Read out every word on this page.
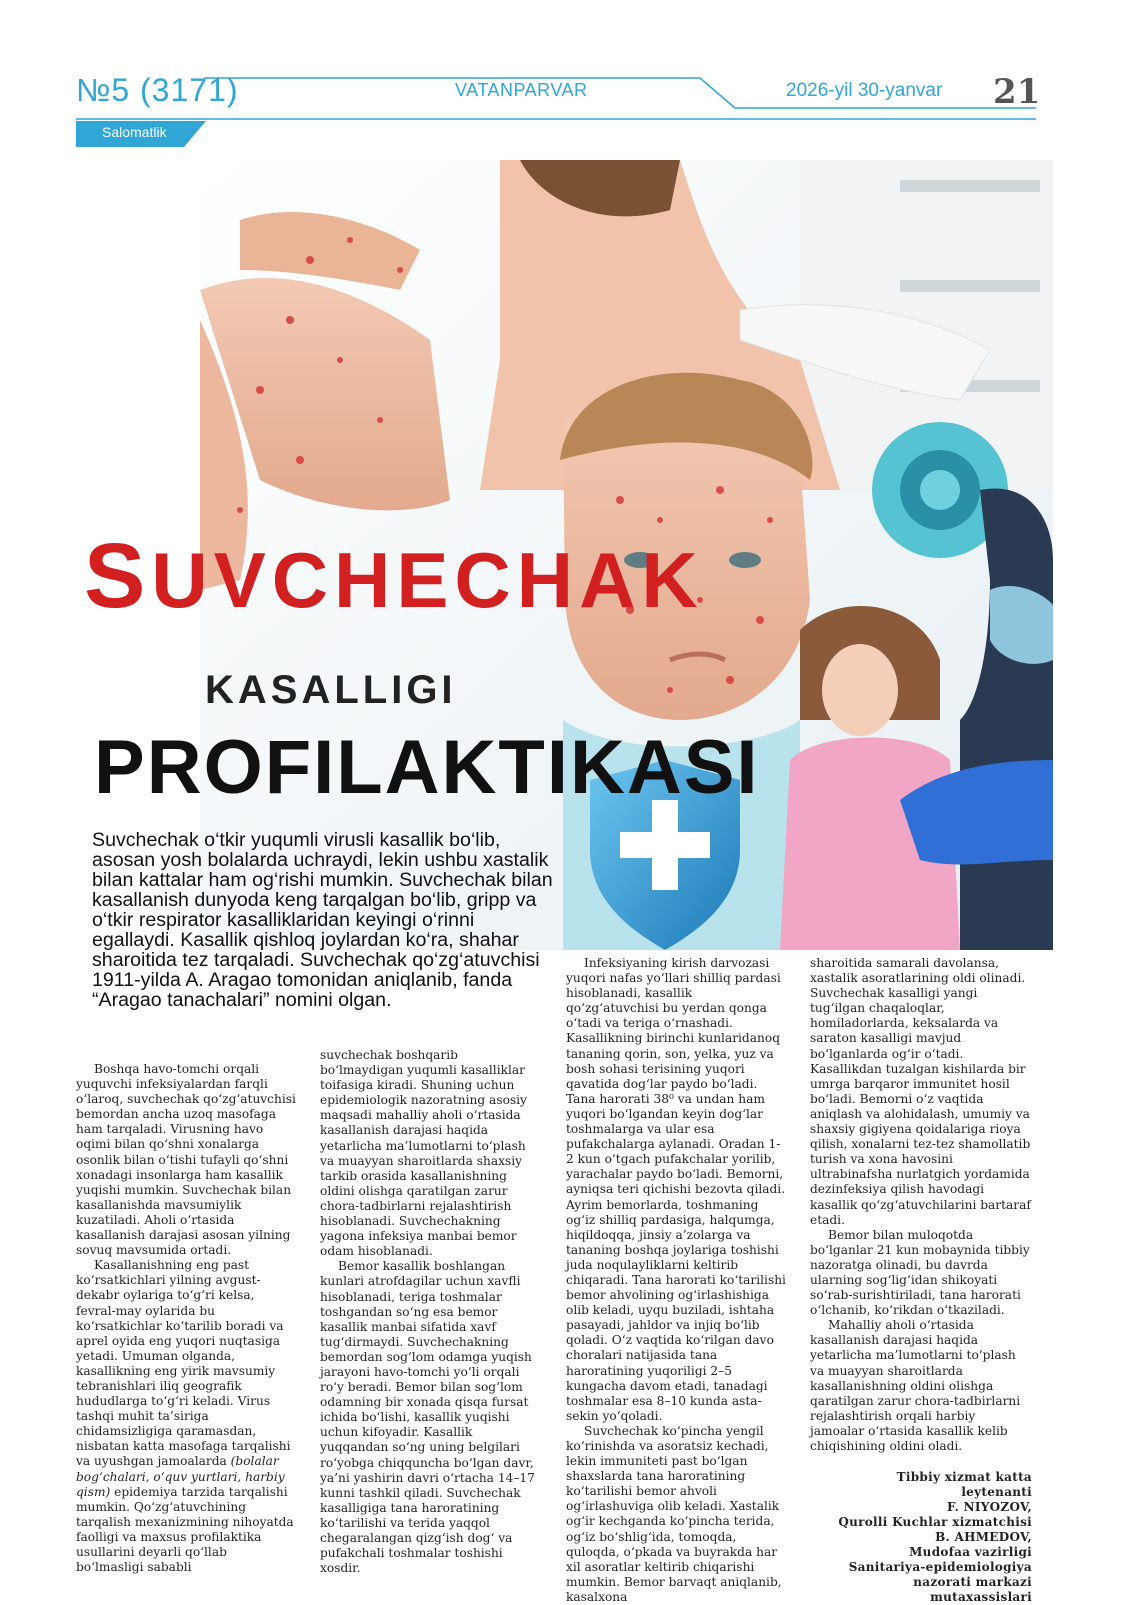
№5 (3171)	VATANPARVAR	2026-yil 30-yanvar 21
Salomatlik
SUVCHECHAK
KASALLIGI
PROFILAKTIKASI

Suvchechak o‘tkir yuqumli virusli kasallik bo‘lib, asosan yosh bolalarda uchraydi, lekin ushbu xastalik bilan kattalar ham og‘rishi mumkin. Suvchechak bilan kasallanish dunyoda keng tarqalgan bo‘lib, gripp va o‘tkir respirator kasalliklaridan keyingi o‘rinni egallaydi. Kasallik qishloq joylardan ko‘ra, shahar sharoitida tez tarqaladi. Suvchechak qo‘zg‘atuvchisi 1911-yilda A. Aragao tomonidan aniqlanib, fanda “Aragao tanachalari” nomini olgan.

Boshqa havo-tomchi orqali yuquvchi infeksiyalardan farqli o‘laroq, suvchechak qo‘zg‘atuvchisi bemordan ancha uzoq masofaga ham tarqaladi. Virusning havo oqimi bilan qo‘shni xonalarga osonlik bilan o‘tishi tufayli qo‘shni xonadagi insonlarga ham kasallik yuqishi mumkin. Suvchechak bilan kasallanishda mavsumiylik kuzatiladi. Aholi o‘rtasida kasallanish darajasi asosan yilning sovuq mavsumida ortadi.

Kasallanishning eng past ko‘rsatkichlari yilning avgust-dekabr oylariga to‘g‘ri kelsa, fevral-may oylarida bu ko‘rsatkichlar ko‘tarilib boradi va aprel oyida eng yuqori nuqtasiga yetadi. Umuman olganda, kasallikning eng yirik mavsumiy tebranishlari iliq geografik hududlarga to‘g‘ri keladi. Virus tashqi muhit ta’siriga chidamsizligiga qaramasdan, nisbatan katta masofaga tarqalishi va uyushgan jamoalarda (bolalar bog‘chalari, o‘quv yurtlari, harbiy qism) epidemiya tarzida tarqalishi mumkin. Qo‘zg‘atuvchining tarqalish mexanizmining nihoyatda faolligi va maxsus profilaktika usullarini deyarli qo‘llab bo‘lmasligi sababli

suvchechak boshqarib bo‘lmaydigan yuqumli kasalliklar toifasiga kiradi. Shuning uchun epidemiologik nazoratning asosiy maqsadi mahalliy aholi o‘rtasida kasallanish darajasi haqida yetarlicha ma’lumotlarni to‘plash va muayyan sharoitlarda shaxsiy tarkib orasida kasallanishning oldini olishga qaratilgan zarur chora-tadbirlarni rejalashtirish hisoblanadi. Suvchechakning yagona infeksiya manbai bemor odam hisoblanadi.

Bemor kasallik boshlangan kunlari atrofdagilar uchun xavfli hisoblanadi, teriga toshmalar toshgandan so‘ng esa bemor kasallik manbai sifatida xavf tug‘dirmaydi. Suvchechakning bemordan sog‘lom odamga yuqish jarayoni havo-tomchi yo‘li orqali ro‘y beradi. Bemor bilan sog‘lom odamning bir xonada qisqa fursat ichida bo‘lishi, kasallik yuqishi uchun kifoyadir. Kasallik yuqqandan so‘ng uning belgilari ro‘yobga chiqquncha bo‘lgan davr, ya’ni yashirin davri o‘rtacha 14–17 kunni tashkil qiladi. Suvchechak kasalligiga tana haroratining ko‘tarilishi va terida yaqqol chegaralangan qizg‘ish dog‘ va pufakchali toshmalar toshishi xosdir.

Infeksiyaning kirish darvozasi yuqori nafas yo‘llari shilliq pardasi hisoblanadi, kasallik qo‘zg‘atuvchisi bu yerdan qonga o‘tadi va teriga o‘rnashadi. Kasallikning birinchi kunlaridanoq tananing qorin, son, yelka, yuz va bosh sohasi terisining yuqori qavatida dog‘lar paydo bo‘ladi. Tana harorati 38⁰ va undan ham yuqori bo‘lgandan keyin dog‘lar toshmalarga va ular esa pufakchalarga aylanadi. Oradan 1-2 kun o‘tgach pufakchalar yorilib, yarachalar paydo bo‘ladi. Bemorni, ayniqsa teri qichishi bezovta qiladi. Ayrim bemorlarda, toshmaning og‘iz shilliq pardasiga, halqumga, hiqildoqqa, jinsiy a’zolarga va tananing boshqa joylariga toshishi juda noqulayliklarni keltirib chiqaradi. Tana harorati ko‘tarilishi bemor ahvolining og‘irlashishiga olib keladi, uyqu buziladi, ishtaha pasayadi, jahldor va injiq bo‘lib qoladi. O‘z vaqtida ko‘rilgan davo choralari natijasida tana haroratining yuqoriligi 2–5 kungacha davom etadi, tanadagi toshmalar esa 8–10 kunda asta-sekin yo‘qoladi.

Suvchechak ko‘pincha yengil ko‘rinishda va asoratsiz kechadi, lekin immuniteti past bo‘lgan shaxslarda tana haroratining ko‘tarilishi bemor ahvoli og‘irlashuviga olib keladi. Xastalik og‘ir kechganda ko‘pincha terida, og‘iz bo‘shlig‘ida, tomoqda, quloqda, o‘pkada va buyrakda har xil asoratlar keltirib chiqarishi mumkin. Bemor barvaqt aniqlanib, kasalxona

sharoitida samarali davolansa, xastalik asoratlarining oldi olinadi. Suvchechak kasalligi yangi tug‘ilgan chaqaloqlar, homiladorlarda, keksalarda va saraton kasalligi mavjud bo‘lganlarda og‘ir o‘tadi. Kasallikdan tuzalgan kishilarda bir umrga barqaror immunitet hosil bo‘ladi. Bemorni o‘z vaqtida aniqlash va alohidalash, umumiy va shaxsiy gigiyena qoidalariga rioya qilish, xonalarni tez-tez shamollatib turish va xona havosini ultrabinafsha nurlatgich yordamida dezinfeksiya qilish havodagi kasallik qo‘zg‘atuvchilarini bartaraf etadi.

Bemor bilan muloqotda bo‘lganlar 21 kun mobaynida tibbiy nazoratga olinadi, bu davrda ularning sog‘lig‘idan shikoyati so‘rab-surishtiriladi, tana harorati o‘lchanib, ko‘rikdan o‘tkaziladi.

Mahalliy aholi o‘rtasida kasallanish darajasi haqida yetarlicha ma’lumotlarni to‘plash va muayyan sharoitlarda kasallanishning oldini olishga qaratilgan zarur chora-tadbirlarni rejalashtirish orqali harbiy jamoalar o‘rtasida kasallik kelib chiqishining oldini oladi.

Tibbiy xizmat katta leytenanti

F. NIYOZOV,

Qurolli Kuchlar xizmatchisi

B. AHMEDOV,

Mudofaa vazirligi

Sanitariya-epidemiologiya

nazorati markazi mutaxassislari
